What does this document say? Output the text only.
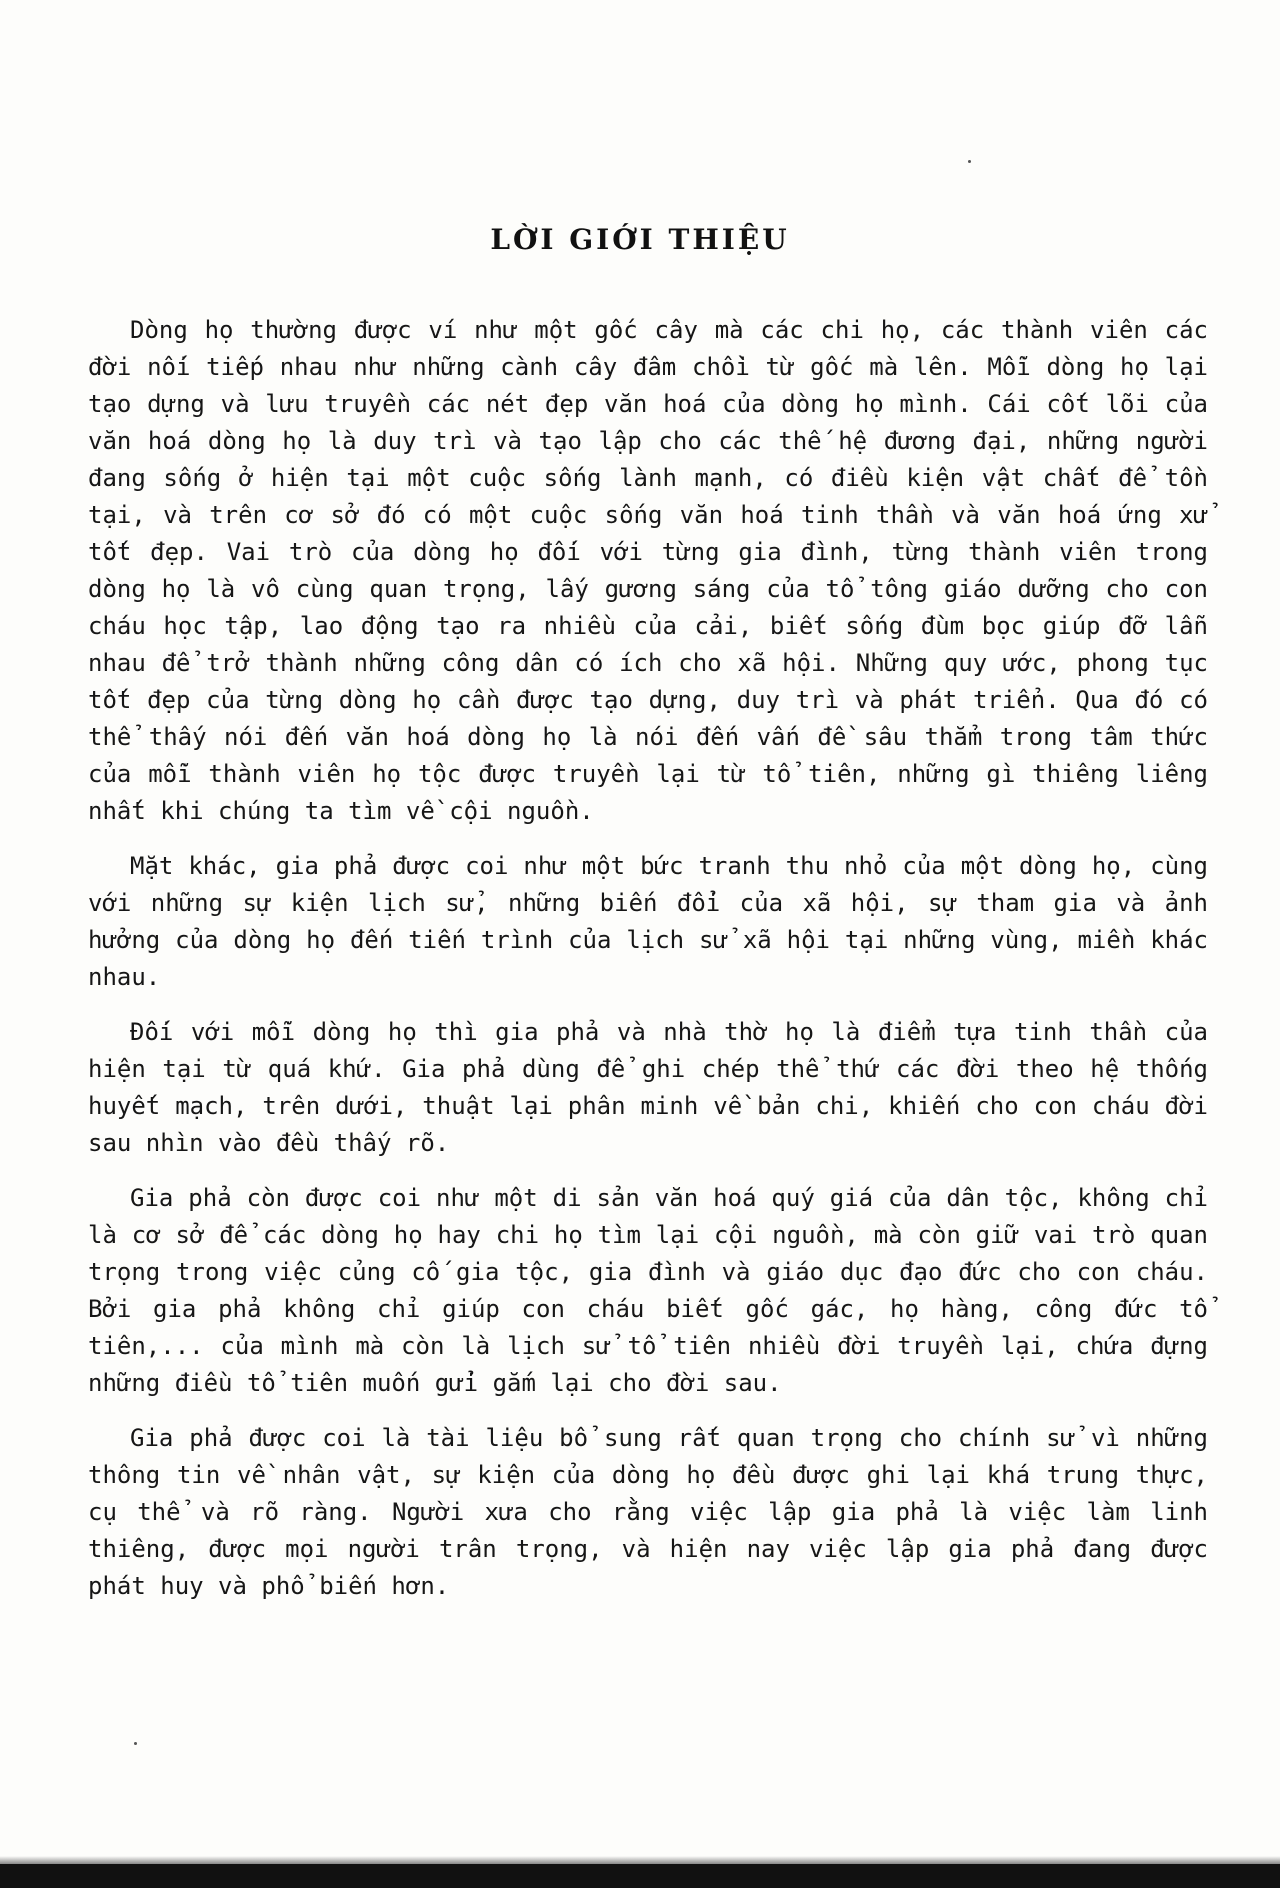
LỜI GIỚI THIỆU

Dòng họ thường được ví như một gốc cây mà các chi họ, các thành viên các đời nối tiếp nhau như những cành cây đâm chồi từ gốc mà lên. Mỗi dòng họ lại tạo dựng và lưu truyền các nét đẹp văn hoá của dòng họ mình. Cái cốt lõi của văn hoá dòng họ là duy trì và tạo lập cho các thế hệ đương đại, những người đang sống ở hiện tại một cuộc sống lành mạnh, có điều kiện vật chất để tồn tại, và trên cơ sở đó có một cuộc sống văn hoá tinh thần và văn hoá ứng xử tốt đẹp. Vai trò của dòng họ đối với từng gia đình, từng thành viên trong dòng họ là vô cùng quan trọng, lấy gương sáng của tổ tông giáo dưỡng cho con cháu học tập, lao động tạo ra nhiều của cải, biết sống đùm bọc giúp đỡ lẫn nhau để trở thành những công dân có ích cho xã hội. Những quy ước, phong tục tốt đẹp của từng dòng họ cần được tạo dựng, duy trì và phát triển. Qua đó có thể thấy nói đến văn hoá dòng họ là nói đến vấn đề sâu thẳm trong tâm thức của mỗi thành viên họ tộc được truyền lại từ tổ tiên, những gì thiêng liêng nhất khi chúng ta tìm về cội nguồn.

Mặt khác, gia phả được coi như một bức tranh thu nhỏ của một dòng họ, cùng với những sự kiện lịch sử, những biến đổi của xã hội, sự tham gia và ảnh hưởng của dòng họ đến tiến trình của lịch sử xã hội tại những vùng, miền khác nhau.

Đối với mỗi dòng họ thì gia phả và nhà thờ họ là điểm tựa tinh thần của hiện tại từ quá khứ. Gia phả dùng để ghi chép thể thứ các đời theo hệ thống huyết mạch, trên dưới, thuật lại phân minh về bản chi, khiến cho con cháu đời sau nhìn vào đều thấy rõ.

Gia phả còn được coi như một di sản văn hoá quý giá của dân tộc, không chỉ là cơ sở để các dòng họ hay chi họ tìm lại cội nguồn, mà còn giữ vai trò quan trọng trong việc củng cố gia tộc, gia đình và giáo dục đạo đức cho con cháu. Bởi gia phả không chỉ giúp con cháu biết gốc gác, họ hàng, công đức tổ tiên,... của mình mà còn là lịch sử tổ tiên nhiều đời truyền lại, chứa đựng những điều tổ tiên muốn gửi gắm lại cho đời sau.

Gia phả được coi là tài liệu bổ sung rất quan trọng cho chính sử vì những thông tin về nhân vật, sự kiện của dòng họ đều được ghi lại khá trung thực, cụ thể và rõ ràng. Người xưa cho rằng việc lập gia phả là việc làm linh thiêng, được mọi người trân trọng, và hiện nay việc lập gia phả đang được phát huy và phổ biến hơn.
